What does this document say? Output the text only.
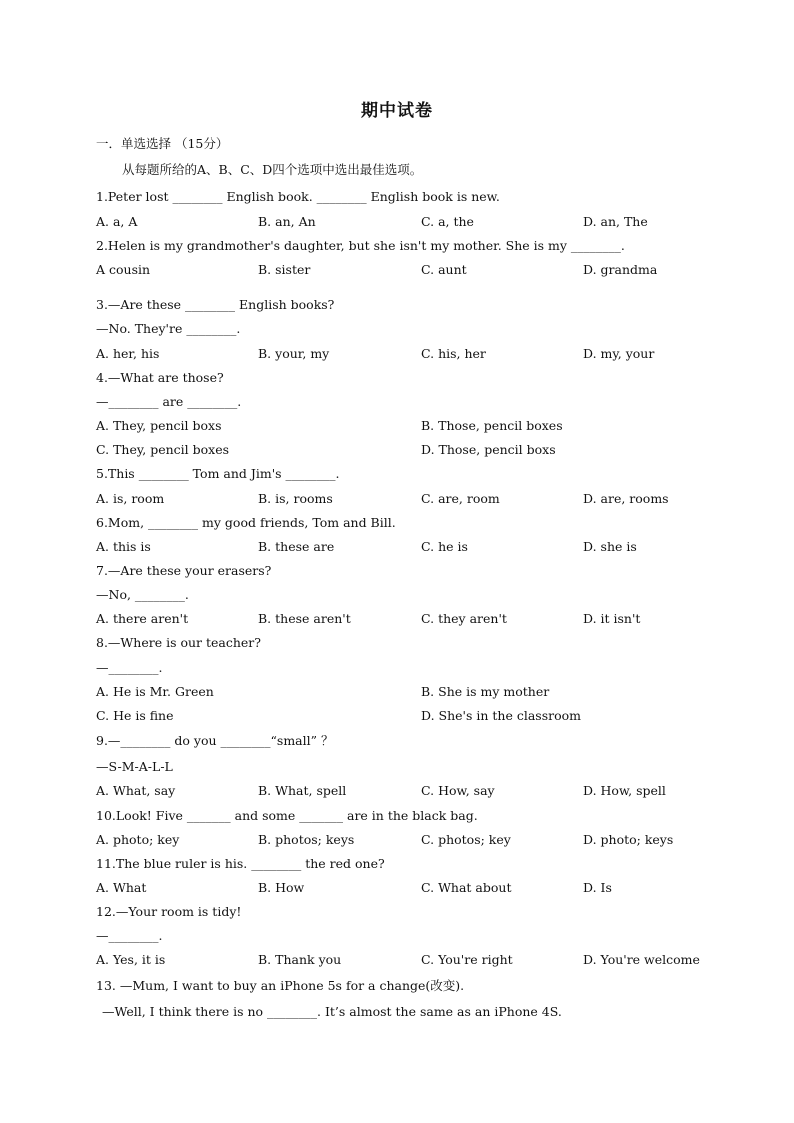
期中试卷
一．单选选择 （15分）
从每题所给的A、B、C、D四个选项中选出最佳选项。
1.Peter lost ________ English book. ________ English book is new.
A. a, A	B. an, An	C. a, the	D. an, The
2.Helen is my grandmother's daughter, but she isn't my mother. She is my ________.
A cousin	B. sister	C. aunt	D. grandma
3.—Are these ________ English books?
—No. They're ________.
A. her, his	B. your, my	C. his, her	D. my, your
4.—What are those?
—________ are ________.
A. They, pencil boxs	B. Those, pencil boxes
C. They, pencil boxes	D. Those, pencil boxs
5.This ________ Tom and Jim's ________.
A. is, room	B. is, rooms	C. are, room	D. are, rooms
6.Mom, ________ my good friends, Tom and Bill.
A. this is	B. these are	C. he is	D. she is
7.—Are these your erasers?
—No, ________.
A. there aren't	B. these aren't	C. they aren't	D. it isn't
8.—Where is our teacher?
—________.
A. He is Mr. Green	B. She is my mother
C. He is fine	D. She's in the classroom
9.—________ do you ________“small” ？
—S-M-A-L-L
A. What, say	B. What, spell	C. How, say	D. How, spell
10.Look! Five _______ and some _______ are in the black bag.
A. photo; key	B. photos; keys	C. photos; key	D. photo; keys
11.The blue ruler is his. ________ the red one?
A. What	B. How	C. What about	D. Is
12.—Your room is tidy!
—________.
A. Yes, it is	B. Thank you	C. You're right	D. You're welcome
13. —Mum, I want to buy an iPhone 5s for a change(改变).
—Well, I think there is no ________. It’s almost the same as an iPhone 4S.
